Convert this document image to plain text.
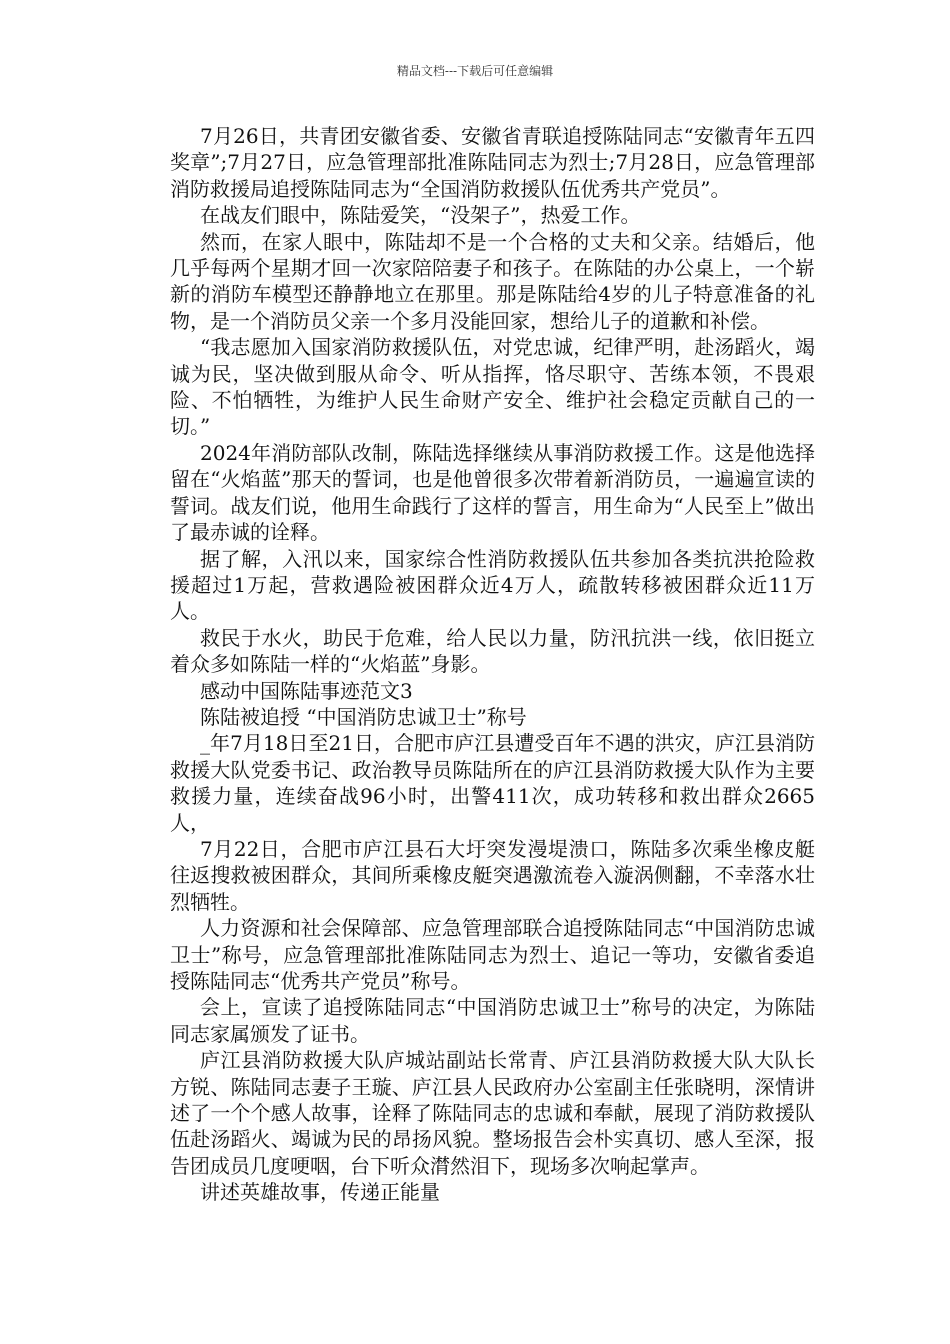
精品文档---下载后可任意编辑

7月26日，共青团安徽省委、安徽省青联追授陈陆同志“安徽青年五四奖章”;7月27日，应急管理部批准陈陆同志为烈士;7月28日，应急管理部消防救援局追授陈陆同志为“全国消防救援队伍优秀共产党员”。

在战友们眼中，陈陆爱笑，“没架子”，热爱工作。

然而，在家人眼中，陈陆却不是一个合格的丈夫和父亲。结婚后，他几乎每两个星期才回一次家陪陪妻子和孩子。在陈陆的办公桌上，一个崭新的消防车模型还静静地立在那里。那是陈陆给4岁的儿子特意准备的礼物，是一个消防员父亲一个多月没能回家，想给儿子的道歉和补偿。

“我志愿加入国家消防救援队伍，对党忠诚，纪律严明，赴汤蹈火，竭诚为民，坚决做到服从命令、听从指挥，恪尽职守、苦练本领，不畏艰险、不怕牺牲，为维护人民生命财产安全、维护社会稳定贡献自己的一切。”

2024年消防部队改制，陈陆选择继续从事消防救援工作。这是他选择留在“火焰蓝”那天的誓词，也是他曾很多次带着新消防员，一遍遍宣读的誓词。战友们说，他用生命践行了这样的誓言，用生命为“人民至上”做出了最赤诚的诠释。

据了解，入汛以来，国家综合性消防救援队伍共参加各类抗洪抢险救援超过1万起，营救遇险被困群众近4万人，疏散转移被困群众近11万人。

救民于水火，助民于危难，给人民以力量，防汛抗洪一线，依旧挺立着众多如陈陆一样的“火焰蓝”身影。

感动中国陈陆事迹范文3

陈陆被追授 “中国消防忠诚卫士”称号

_年7月18日至21日，合肥市庐江县遭受百年不遇的洪灾，庐江县消防救援大队党委书记、政治教导员陈陆所在的庐江县消防救援大队作为主要救援力量，连续奋战96小时，出警411次，成功转移和救出群众2665人，

7月22日，合肥市庐江县石大圩突发漫堤溃口，陈陆多次乘坐橡皮艇往返搜救被困群众，其间所乘橡皮艇突遇激流卷入漩涡侧翻，不幸落水壮烈牺牲。

人力资源和社会保障部、应急管理部联合追授陈陆同志“中国消防忠诚卫士”称号，应急管理部批准陈陆同志为烈士、追记一等功，安徽省委追授陈陆同志“优秀共产党员”称号。

会上，宣读了追授陈陆同志“中国消防忠诚卫士”称号的决定，为陈陆同志家属颁发了证书。

庐江县消防救援大队庐城站副站长常青、庐江县消防救援大队大队长方锐、陈陆同志妻子王璇、庐江县人民政府办公室副主任张晓明，深情讲述了一个个感人故事，诠释了陈陆同志的忠诚和奉献，展现了消防救援队伍赴汤蹈火、竭诚为民的昂扬风貌。整场报告会朴实真切、感人至深，报告团成员几度哽咽，台下听众潸然泪下，现场多次响起掌声。

讲述英雄故事，传递正能量
